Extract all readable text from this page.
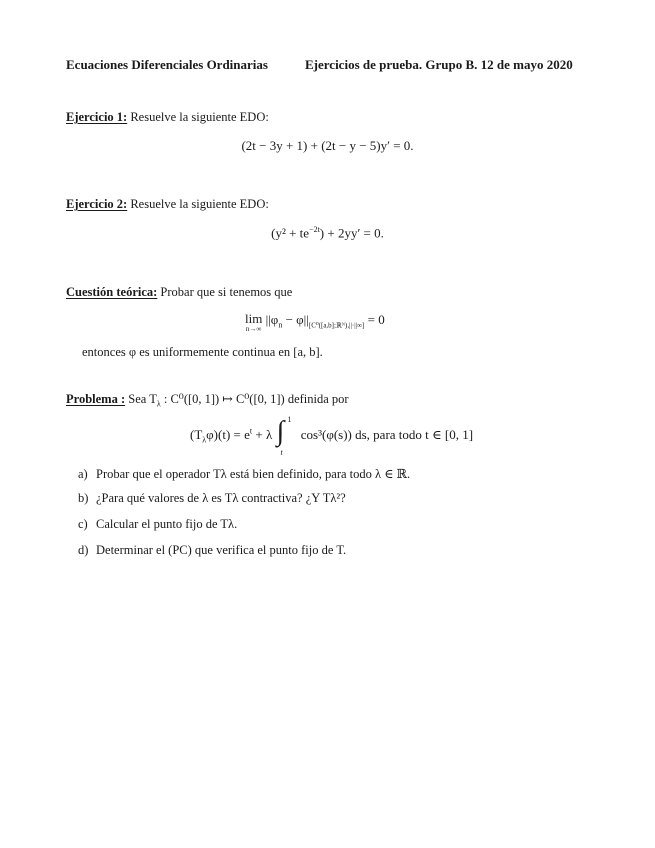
Ecuaciones Diferenciales Ordinarias	Ejercicios de prueba. Grupo B. 12 de mayo 2020
Ejercicio 1: Resuelve la siguiente EDO:
(2t − 3y + 1) + (2t − y − 5)y′ = 0.
Ejercicio 2: Resuelve la siguiente EDO:
$(y^2 + te^{-2t}) + 2yy' = 0$.
Cuestión teórica: Probar que si tenemos que
lim
n→∞
$||\varphi_n - \varphi||_{[C^0([a,b];ℝᴺ),||\cdot||\infty]} = 0$
entonces φ es uniformemente continua en [a, b].
Problema : Sea $T_\lambda$ : C⁰([0, 1]) ↦ C⁰([0, 1]) definida por
$(T_\lambda\varphi)(t) = e^t + \lambda$ ∫ 1
t
cos³(φ(s)) ds, para todo t ∈ [0, 1]
a) Probar que el operador Tλ está bien definido, para todo λ ∈ ℝ.
b) ¿Para qué valores de λ es Tλ contractiva? ¿Y Tλ²?
c) Calcular el punto fijo de Tλ.
d) Determinar el (PC) que verifica el punto fijo de T.
